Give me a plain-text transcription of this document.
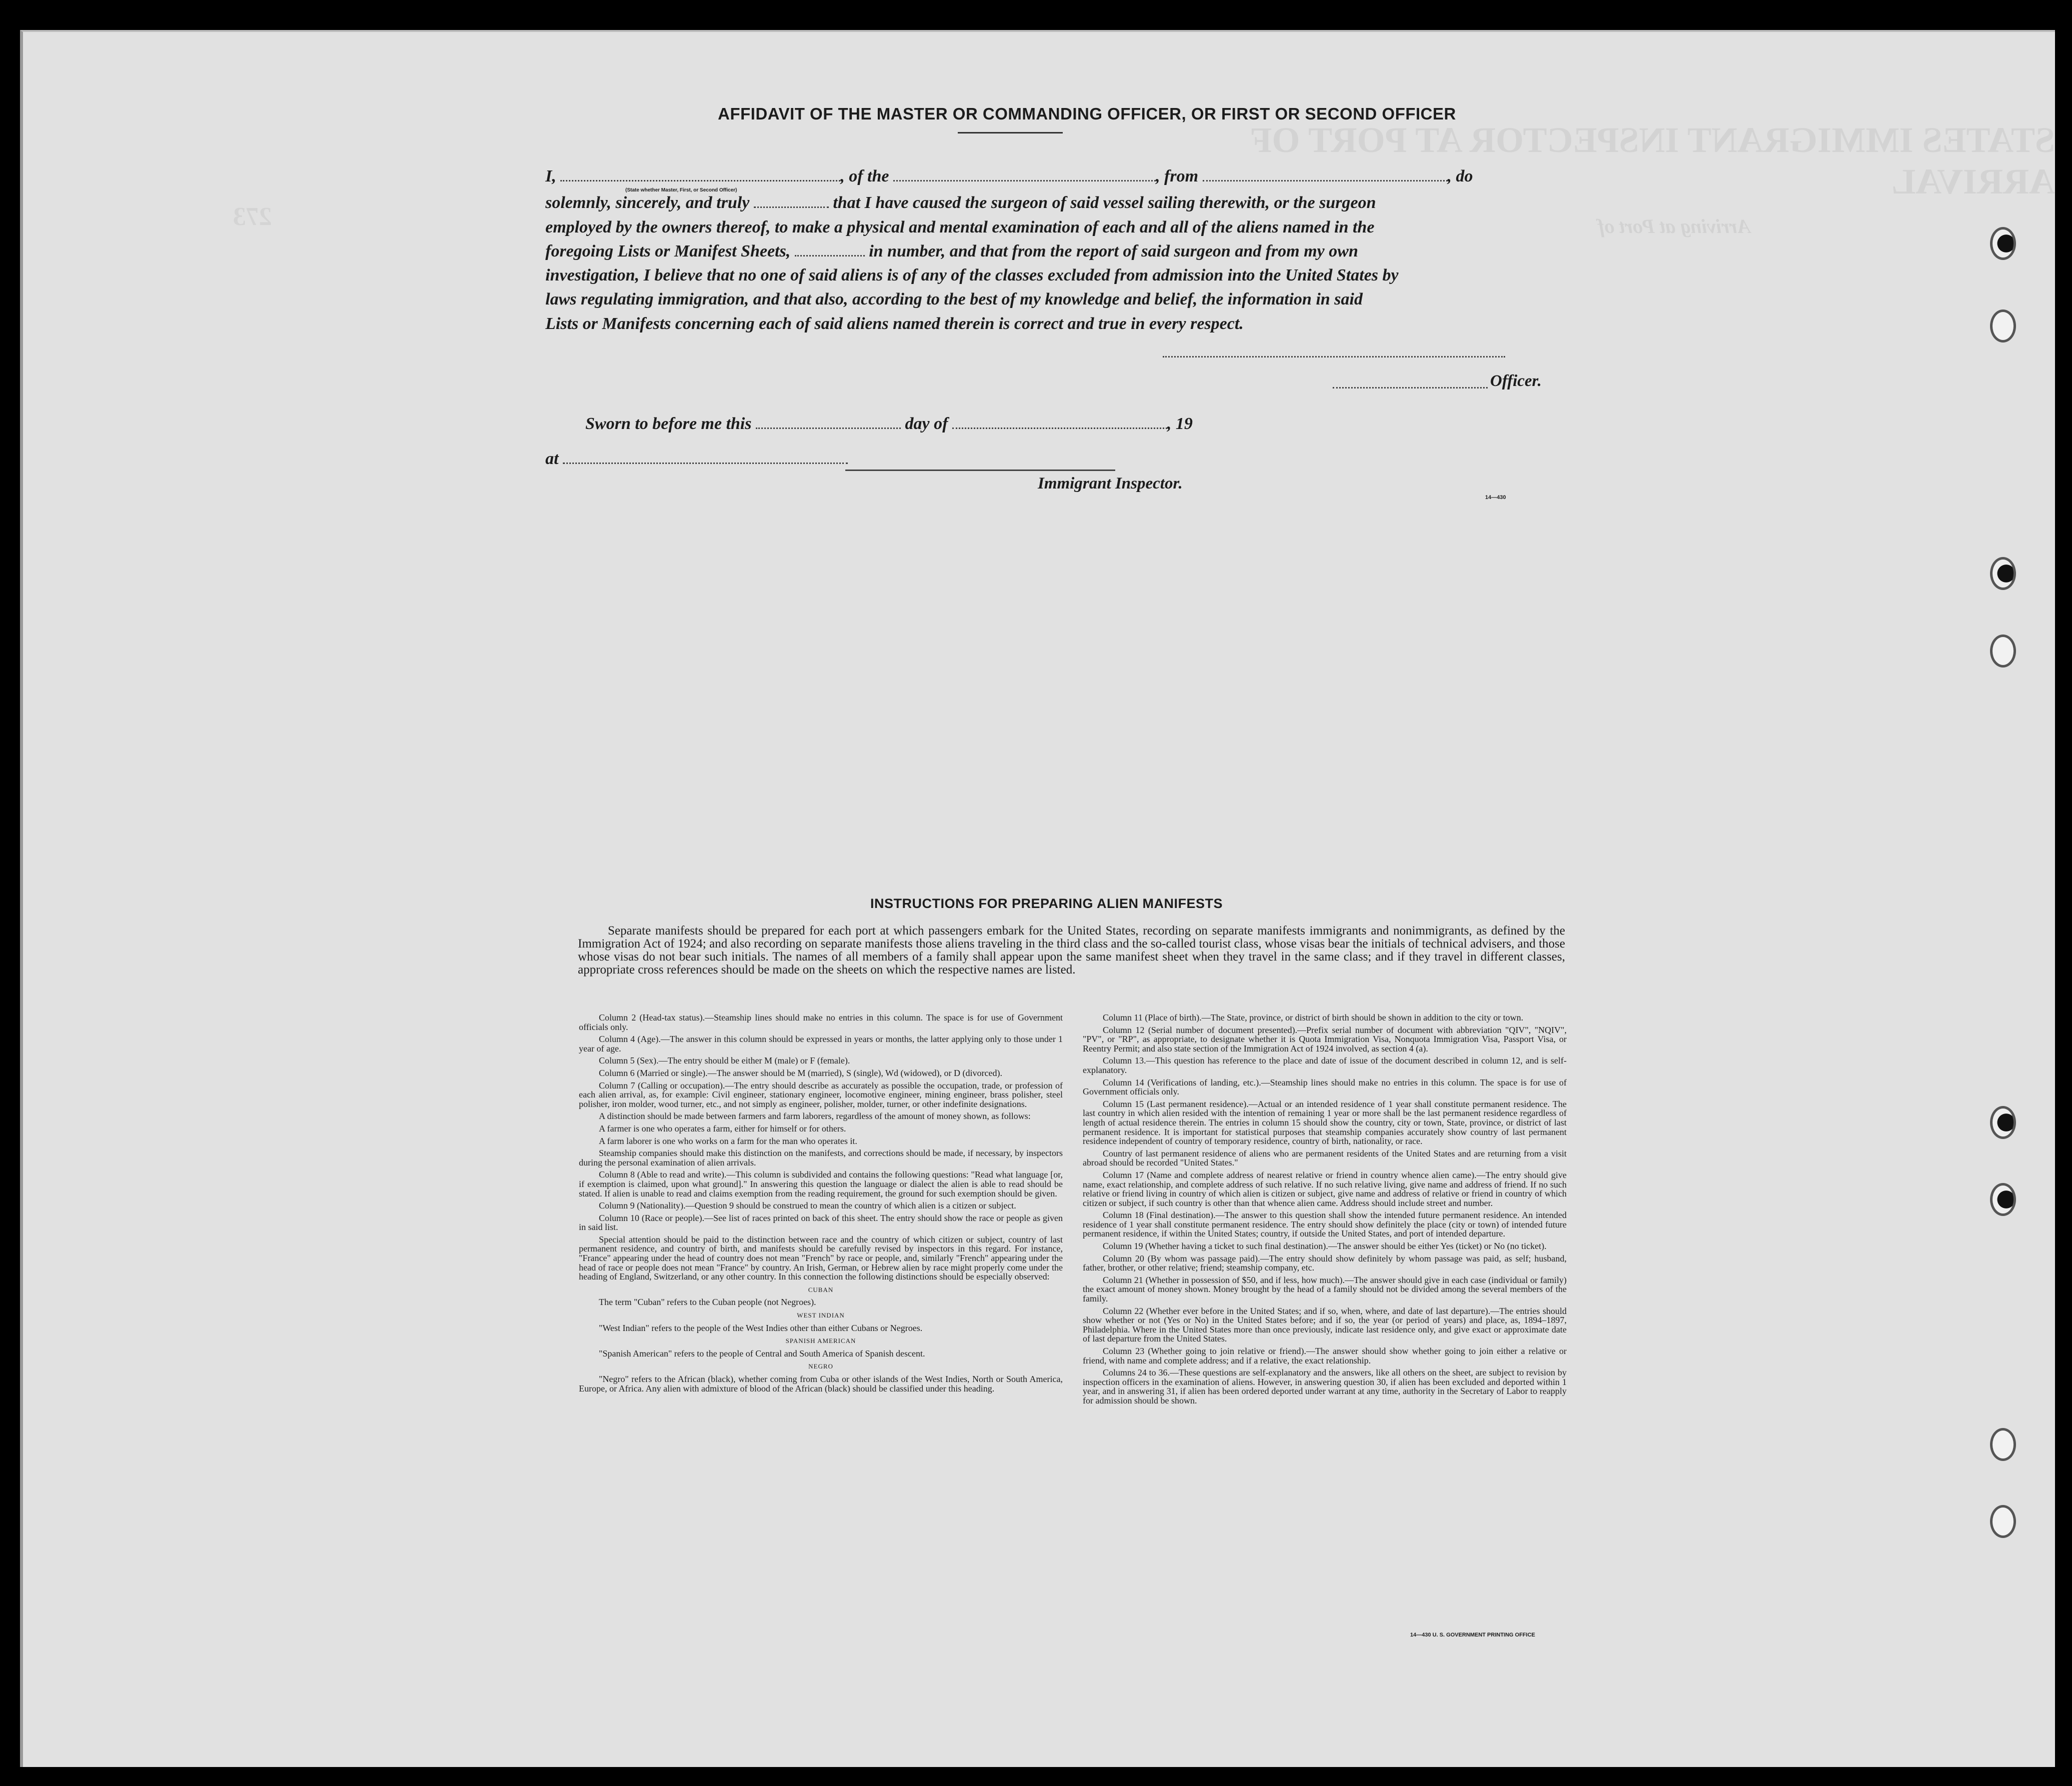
STATES IMMIGRANT INSPECTOR AT PORT OF ARRIVAL
Arriving at Port of
273
AFFIDAVIT OF THE MASTER OR COMMANDING OFFICER, OR FIRST OR SECOND OFFICER
I,	, of the	, from	, do
(State whether Master, First, or Second Officer)
solemnly, sincerely, and truly	that I have caused the surgeon of said vessel sailing therewith, or the surgeon
employed by the owners thereof, to make a physical and mental examination of each and all of the aliens named in the
foregoing Lists or Manifest Sheets,	in number, and that from the report of said surgeon and from my own
investigation, I believe that no one of said aliens is of any of the classes excluded from admission into the United States by
laws regulating immigration, and that also, according to the best of my knowledge and belief, the information in said
Lists or Manifests concerning each of said aliens named therein is correct and true in every respect.
Officer.
Sworn to before me this	day of	, 19
at
Immigrant Inspector.
14—430
INSTRUCTIONS FOR PREPARING ALIEN MANIFESTS

Separate manifests should be prepared for each port at which passengers embark for the United States, recording on separate manifests immigrants and nonimmigrants, as defined by the Immigration Act of 1924; and also recording on separate manifests those aliens traveling in the third class and the so-called tourist class, whose visas bear the initials of technical advisers, and those whose visas do not bear such initials. The names of all members of a family shall appear upon the same manifest sheet when they travel in the same class; and if they travel in different classes, appropriate cross references should be made on the sheets on which the respective names are listed.

Column 2 (Head-tax status).—Steamship lines should make no entries in this column. The space is for use of Government officials only.

Column 4 (Age).—The answer in this column should be expressed in years or months, the latter applying only to those under 1 year of age.

Column 5 (Sex).—The entry should be either M (male) or F (female).

Column 6 (Married or single).—The answer should be M (married), S (single), Wd (widowed), or D (divorced).

Column 7 (Calling or occupation).—The entry should describe as accurately as possible the occupation, trade, or profession of each alien arrival, as, for example: Civil engineer, stationary engineer, locomotive engineer, mining engineer, brass polisher, steel polisher, iron molder, wood turner, etc., and not simply as engineer, polisher, molder, turner, or other indefinite designations.

A distinction should be made between farmers and farm laborers, regardless of the amount of money shown, as follows:

A farmer is one who operates a farm, either for himself or for others.

A farm laborer is one who works on a farm for the man who operates it.

Steamship companies should make this distinction on the manifests, and corrections should be made, if necessary, by inspectors during the personal examination of alien arrivals.

Column 8 (Able to read and write).—This column is subdivided and contains the following questions: "Read what language [or, if exemption is claimed, upon what ground]." In answering this question the language or dialect the alien is able to read should be stated. If alien is unable to read and claims exemption from the reading requirement, the ground for such exemption should be given.

Column 9 (Nationality).—Question 9 should be construed to mean the country of which alien is a citizen or subject.

Column 10 (Race or people).—See list of races printed on back of this sheet. The entry should show the race or people as given in said list.

Special attention should be paid to the distinction between race and the country of which citizen or subject, country of last permanent residence, and country of birth, and manifests should be carefully revised by inspectors in this regard. For instance, "France" appearing under the head of country does not mean "French" by race or people, and, similarly "French" appearing under the head of race or people does not mean "France" by country. An Irish, German, or Hebrew alien by race might properly come under the heading of England, Switzerland, or any other country. In this connection the following distinctions should be especially observed:

CUBAN

The term "Cuban" refers to the Cuban people (not Negroes).

WEST INDIAN

"West Indian" refers to the people of the West Indies other than either Cubans or Negroes.

SPANISH AMERICAN

"Spanish American" refers to the people of Central and South America of Spanish descent.

NEGRO

"Negro" refers to the African (black), whether coming from Cuba or other islands of the West Indies, North or South America, Europe, or Africa. Any alien with admixture of blood of the African (black) should be classified under this heading.

Column 11 (Place of birth).—The State, province, or district of birth should be shown in addition to the city or town.

Column 12 (Serial number of document presented).—Prefix serial number of document with abbreviation "QIV", "NQIV", "PV", or "RP", as appropriate, to designate whether it is Quota Immigration Visa, Nonquota Immigration Visa, Passport Visa, or Reentry Permit; and also state section of the Immigration Act of 1924 involved, as section 4 (a).

Column 13.—This question has reference to the place and date of issue of the document described in column 12, and is self-explanatory.

Column 14 (Verifications of landing, etc.).—Steamship lines should make no entries in this column. The space is for use of Government officials only.

Column 15 (Last permanent residence).—Actual or an intended residence of 1 year shall constitute permanent residence. The last country in which alien resided with the intention of remaining 1 year or more shall be the last permanent residence regardless of length of actual residence therein. The entries in column 15 should show the country, city or town, State, province, or district of last permanent residence. It is important for statistical purposes that steamship companies accurately show country of last permanent residence independent of country of temporary residence, country of birth, nationality, or race.

Country of last permanent residence of aliens who are permanent residents of the United States and are returning from a visit abroad should be recorded "United States."

Column 17 (Name and complete address of nearest relative or friend in country whence alien came).—The entry should give name, exact relationship, and complete address of such relative. If no such relative living, give name and address of friend. If no such relative or friend living in country of which alien is citizen or subject, give name and address of relative or friend in country of which citizen or subject, if such country is other than that whence alien came. Address should include street and number.

Column 18 (Final destination).—The answer to this question shall show the intended future permanent residence. An intended residence of 1 year shall constitute permanent residence. The entry should show definitely the place (city or town) of intended future permanent residence, if within the United States; country, if outside the United States, and port of intended departure.

Column 19 (Whether having a ticket to such final destination).—The answer should be either Yes (ticket) or No (no ticket).

Column 20 (By whom was passage paid).—The entry should show definitely by whom passage was paid, as self; husband, father, brother, or other relative; friend; steamship company, etc.

Column 21 (Whether in possession of $50, and if less, how much).—The answer should give in each case (individual or family) the exact amount of money shown. Money brought by the head of a family should not be divided among the several members of the family.

Column 22 (Whether ever before in the United States; and if so, when, where, and date of last departure).—The entries should show whether or not (Yes or No) in the United States before; and if so, the year (or period of years) and place, as, 1894–1897, Philadelphia. Where in the United States more than once previously, indicate last residence only, and give exact or approximate date of last departure from the United States.

Column 23 (Whether going to join relative or friend).—The answer should show whether going to join either a relative or friend, with name and complete address; and if a relative, the exact relationship.

Columns 24 to 36.—These questions are self-explanatory and the answers, like all others on the sheet, are subject to revision by inspection officers in the examination of aliens. However, in answering question 30, if alien has been excluded and deported within 1 year, and in answering 31, if alien has been ordered deported under warrant at any time, authority in the Secretary of Labor to reapply for admission should be shown.

14—430 U. S. GOVERNMENT PRINTING OFFICE
